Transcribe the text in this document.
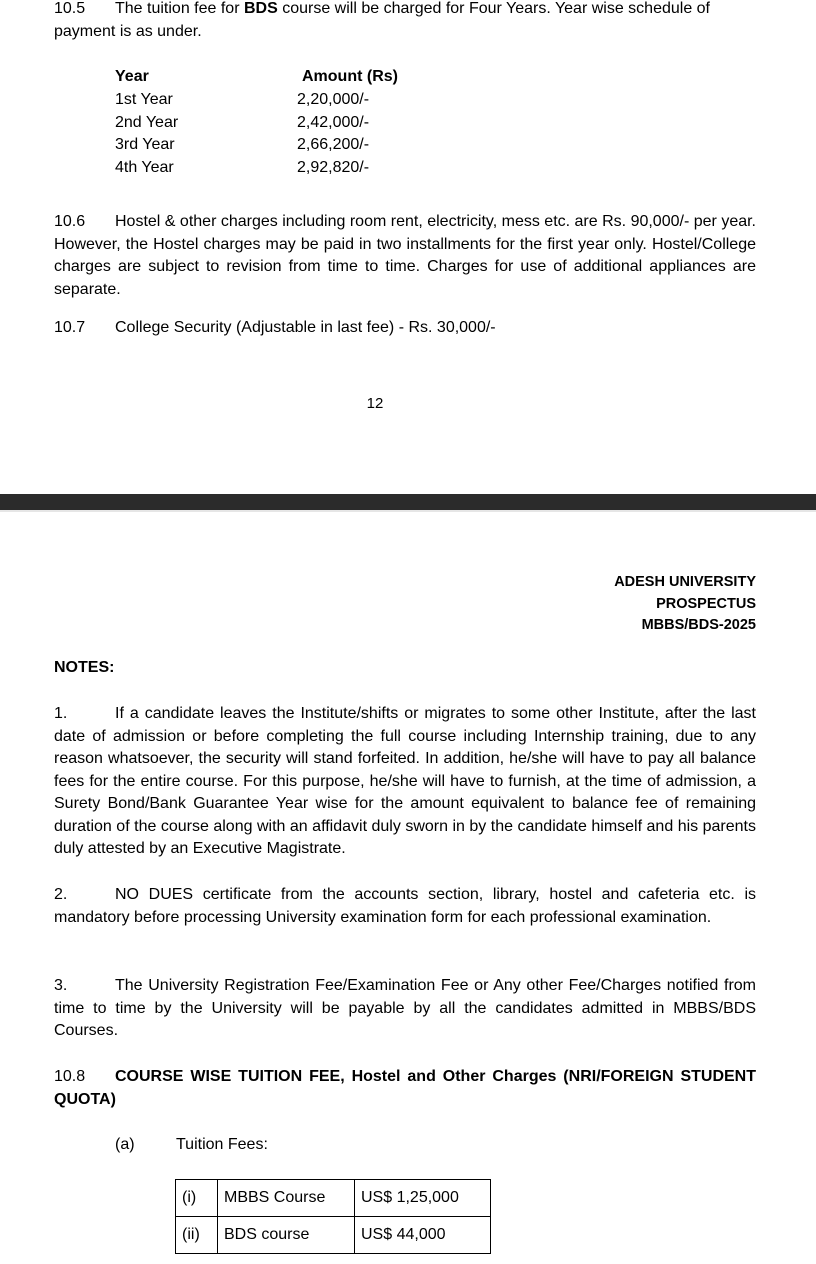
10.5 The tuition fee for BDS course will be charged for Four Years. Year wise schedule of
payment is as under.
Year	Amount (Rs)
1st Year	2,20,000/-
2nd Year	2,42,000/-
3rd Year	2,66,200/-
4th Year	2,92,820/-
10.6 Hostel & other charges including room rent, electricity, mess etc. are Rs. 90,000/- per year. However, the Hostel charges may be paid in two installments for the first year only. Hostel/College charges are subject to revision from time to time. Charges for use of additional appliances are separate.
10.7 College Security (Adjustable in last fee) - Rs. 30,000/-
12
ADESH UNIVERSITY
PROSPECTUS
MBBS/BDS-2025
NOTES:
1.	If a candidate leaves the Institute/shifts or migrates to some other Institute, after the last date of admission or before completing the full course including Internship training, due to any reason whatsoever, the security will stand forfeited. In addition, he/she will have to pay all balance fees for the entire course. For this purpose, he/she will have to furnish, at the time of admission, a Surety Bond/Bank Guarantee Year wise for the amount equivalent to balance fee of remaining duration of the course along with an affidavit duly sworn in by the candidate himself and his parents duly attested by an Executive Magistrate.
2.	NO DUES certificate from the accounts section, library, hostel and cafeteria etc. is mandatory before processing University examination form for each professional examination.
3.	The University Registration Fee/Examination Fee or Any other Fee/Charges notified from time to time by the University will be payable by all the candidates admitted in MBBS/BDS Courses.
10.8 COURSE WISE TUITION FEE, Hostel and Other Charges (NRI/FOREIGN STUDENT QUOTA)
(a)	Tuition Fees:
(i)	MBBS Course	US$ 1,25,000
(ii)	BDS course	US$ 44,000
